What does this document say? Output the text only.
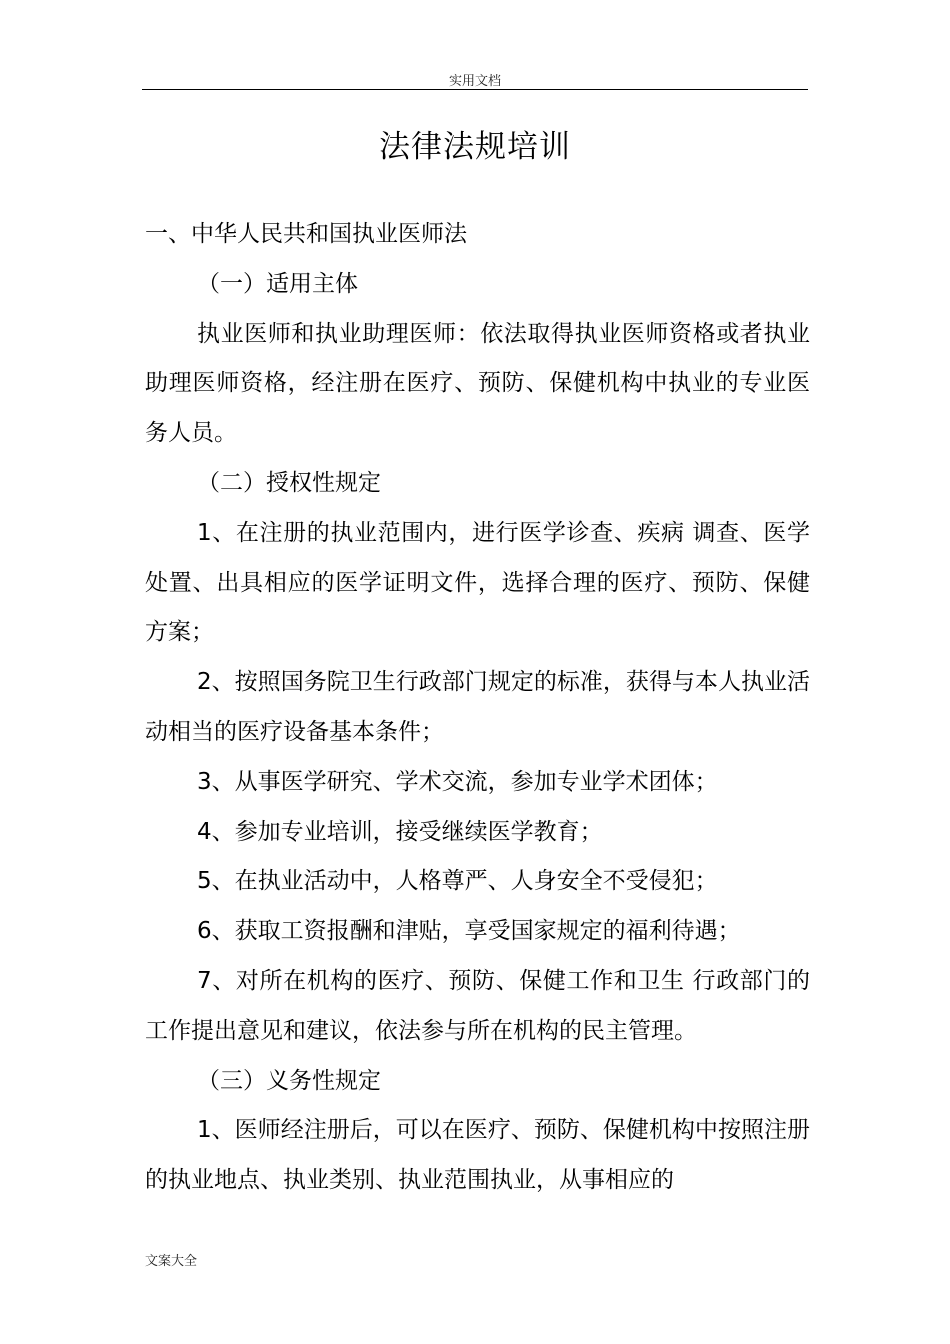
实用文档
法律法规培训

一、中华人民共和国执业医师法

（一）适用主体

执业医师和执业助理医师：依法取得执业医师资格或者执业助理医师资格，经注册在医疗、预防、保健机构中执业的专业医务人员。

（二）授权性规定

1、在注册的执业范围内，进行医学诊查、疾病 调查、医学处置、出具相应的医学证明文件，选择合理的医疗、预防、保健方案；

2、按照国务院卫生行政部门规定的标准，获得与本人执业活动相当的医疗设备基本条件；

3、从事医学研究、学术交流，参加专业学术团体；

4、参加专业培训，接受继续医学教育；

5、在执业活动中，人格尊严、人身安全不受侵犯；

6、获取工资报酬和津贴，享受国家规定的福利待遇；

7、对所在机构的医疗、预防、保健工作和卫生 行政部门的工作提出意见和建议，依法参与所在机构的民主管理。

（三）义务性规定

1、医师经注册后，可以在医疗、预防、保健机构中按照注册的执业地点、执业类别、执业范围执业，从事相应的

文案大全
